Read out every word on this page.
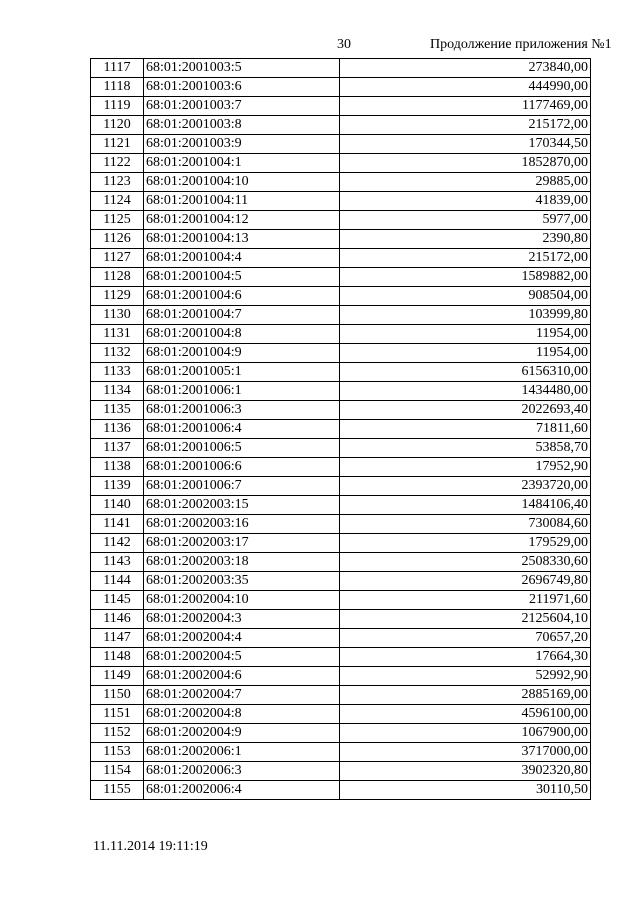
30	Продолжение приложения №1
1117	68:01:2001003:5	273840,00
1118	68:01:2001003:6	444990,00
1119	68:01:2001003:7	1177469,00
1120	68:01:2001003:8	215172,00
1121	68:01:2001003:9	170344,50
1122	68:01:2001004:1	1852870,00
1123	68:01:2001004:10	29885,00
1124	68:01:2001004:11	41839,00
1125	68:01:2001004:12	5977,00
1126	68:01:2001004:13	2390,80
1127	68:01:2001004:4	215172,00
1128	68:01:2001004:5	1589882,00
1129	68:01:2001004:6	908504,00
1130	68:01:2001004:7	103999,80
1131	68:01:2001004:8	11954,00
1132	68:01:2001004:9	11954,00
1133	68:01:2001005:1	6156310,00
1134	68:01:2001006:1	1434480,00
1135	68:01:2001006:3	2022693,40
1136	68:01:2001006:4	71811,60
1137	68:01:2001006:5	53858,70
1138	68:01:2001006:6	17952,90
1139	68:01:2001006:7	2393720,00
1140	68:01:2002003:15	1484106,40
1141	68:01:2002003:16	730084,60
1142	68:01:2002003:17	179529,00
1143	68:01:2002003:18	2508330,60
1144	68:01:2002003:35	2696749,80
1145	68:01:2002004:10	211971,60
1146	68:01:2002004:3	2125604,10
1147	68:01:2002004:4	70657,20
1148	68:01:2002004:5	17664,30
1149	68:01:2002004:6	52992,90
1150	68:01:2002004:7	2885169,00
1151	68:01:2002004:8	4596100,00
1152	68:01:2002004:9	1067900,00
1153	68:01:2002006:1	3717000,00
1154	68:01:2002006:3	3902320,80
1155	68:01:2002006:4	30110,50
11.11.2014 19:11:19
